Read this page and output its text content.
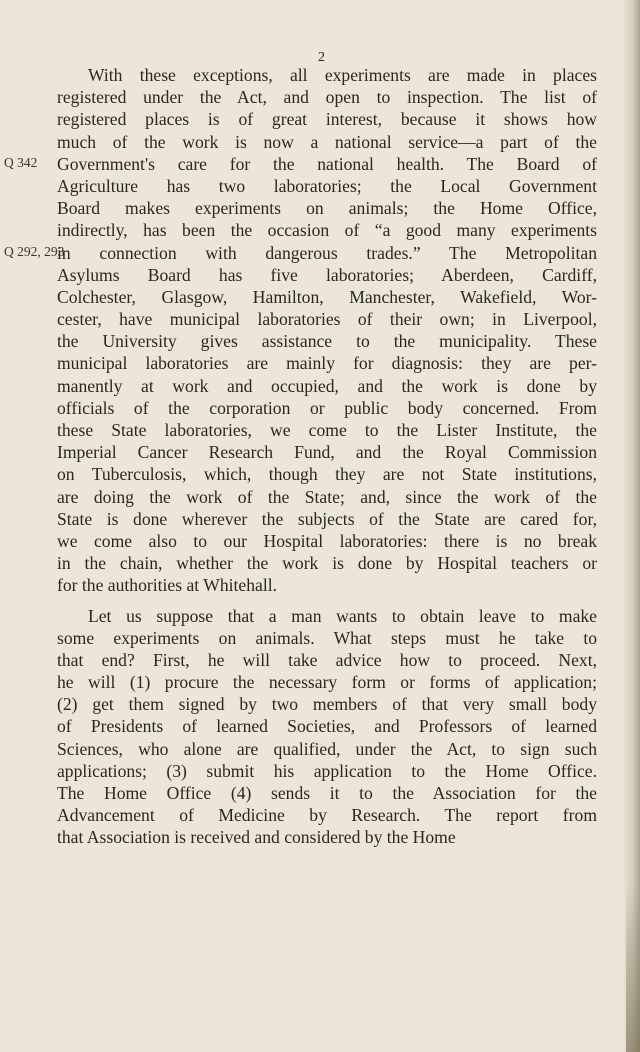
2
Q 342
Q 292, 293
With these exceptions, all experiments are made in places
registered under the Act, and open to inspection. The list of
registered places is of great interest, because it shows how
much of the work is now a national service—a part of the
Government's care for the national health. The Board of
Agriculture has two laboratories; the Local Government
Board makes experiments on animals; the Home Office,
indirectly, has been the occasion of “a good many experiments
in connection with dangerous trades.” The Metropolitan
Asylums Board has five laboratories; Aberdeen, Cardiff,
Colchester, Glasgow, Hamilton, Manchester, Wakefield, Wor-
cester, have municipal laboratories of their own; in Liverpool,
the University gives assistance to the municipality. These
municipal laboratories are mainly for diagnosis: they are per-
manently at work and occupied, and the work is done by
officials of the corporation or public body concerned. From
these State laboratories, we come to the Lister Institute, the
Imperial Cancer Research Fund, and the Royal Commission
on Tuberculosis, which, though they are not State institutions,
are doing the work of the State; and, since the work of the
State is done wherever the subjects of the State are cared for,
we come also to our Hospital laboratories: there is no break
in the chain, whether the work is done by Hospital teachers or
for the authorities at Whitehall.
Let us suppose that a man wants to obtain leave to make
some experiments on animals. What steps must he take to
that end? First, he will take advice how to proceed. Next,
he will (1) procure the necessary form or forms of application;
(2) get them signed by two members of that very small body
of Presidents of learned Societies, and Professors of learned
Sciences, who alone are qualified, under the Act, to sign such
applications; (3) submit his application to the Home Office.
The Home Office (4) sends it to the Association for the
Advancement of Medicine by Research. The report from
that Association is received and considered by the Home
